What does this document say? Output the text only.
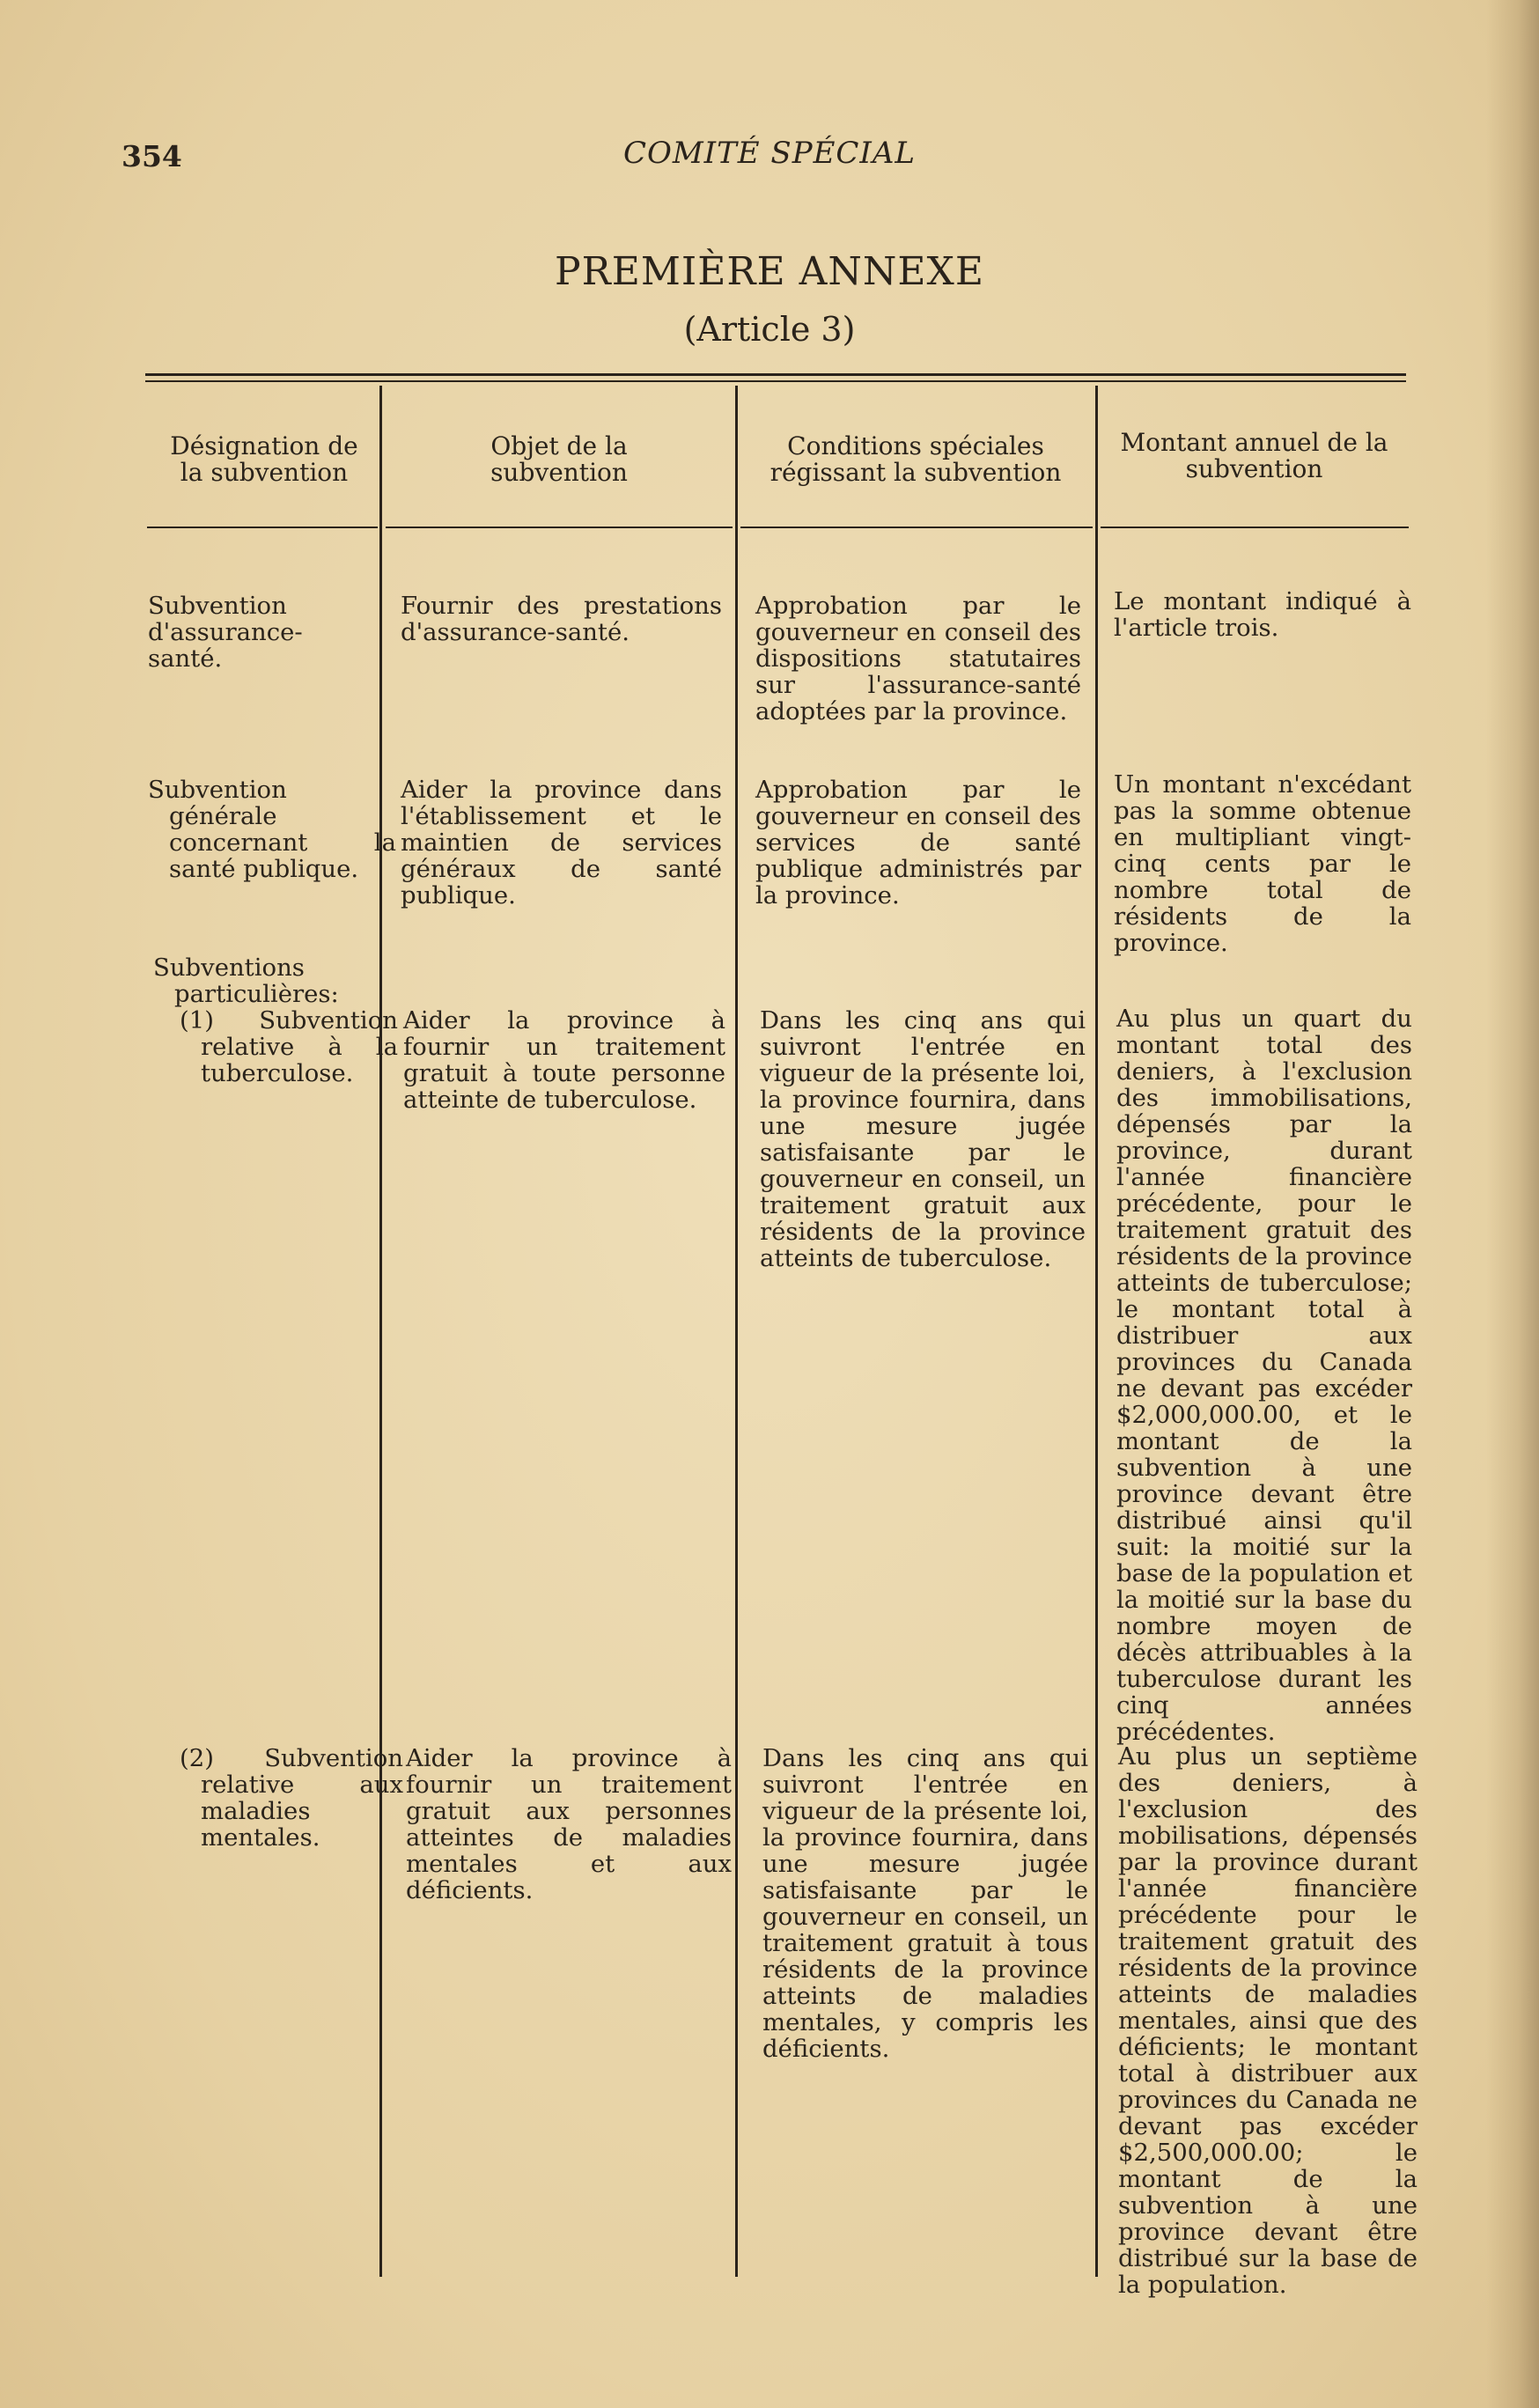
354	COMITÉ SPÉCIAL
PREMIÈRE ANNEXE
(Article 3)
Désignation de la subvention
Objet de la subvention
Conditions spéciales régissant la subvention
Montant annuel de la subvention
Subvention d'assurance-santé.
Fournir des prestations d'assurance-santé.
Approbation par le gouverneur en conseil des dispositions statutaires sur l'assurance-santé adoptées par la province.
Le montant indiqué à l'article trois.
Subvention générale concernant la santé publique.
Aider la province dans l'établissement et le maintien de services généraux de santé publique.
Approbation par le gouverneur en conseil des services de santé publique administrés par la province.
Un montant n'excédant pas la somme obtenue en multipliant vingt-cinq cents par le nombre total de résidents de la province.
Subventions particulières:
(1) Subvention relative à la tuberculose.
Aider la province à fournir un traitement gratuit à toute personne atteinte de tuberculose.
Dans les cinq ans qui suivront l'entrée en vigueur de la présente loi, la province fournira, dans une mesure jugée satisfaisante par le gouverneur en conseil, un traitement gratuit aux résidents de la province atteints de tuberculose.
Au plus un quart du montant total des deniers, à l'exclusion des immobilisations, dépensés par la province, durant l'année financière précédente, pour le traitement gratuit des résidents de la province atteints de tuberculose; le montant total à distribuer aux provinces du Canada ne devant pas excéder $2,000,000.00, et le montant de la subvention à une province devant être distribué ainsi qu'il suit: la moitié sur la base de la population et la moitié sur la base du nombre moyen de décès attribuables à la tuberculose durant les cinq années précédentes.
(2) Subvention relative aux maladies mentales.
Aider la province à fournir un traitement gratuit aux personnes atteintes de maladies mentales et aux déficients.
Dans les cinq ans qui suivront l'entrée en vigueur de la présente loi, la province fournira, dans une mesure jugée satisfaisante par le gouverneur en conseil, un traitement gratuit à tous résidents de la province atteints de maladies mentales, y compris les déficients.
Au plus un septième des deniers, à l'exclusion des mobilisations, dépensés par la province durant l'année financière précédente pour le traitement gratuit des résidents de la province atteints de maladies mentales, ainsi que des déficients; le montant total à distribuer aux provinces du Canada ne devant pas excéder $2,500,000.00; le montant de la subvention à une province devant être distribué sur la base de la population.
